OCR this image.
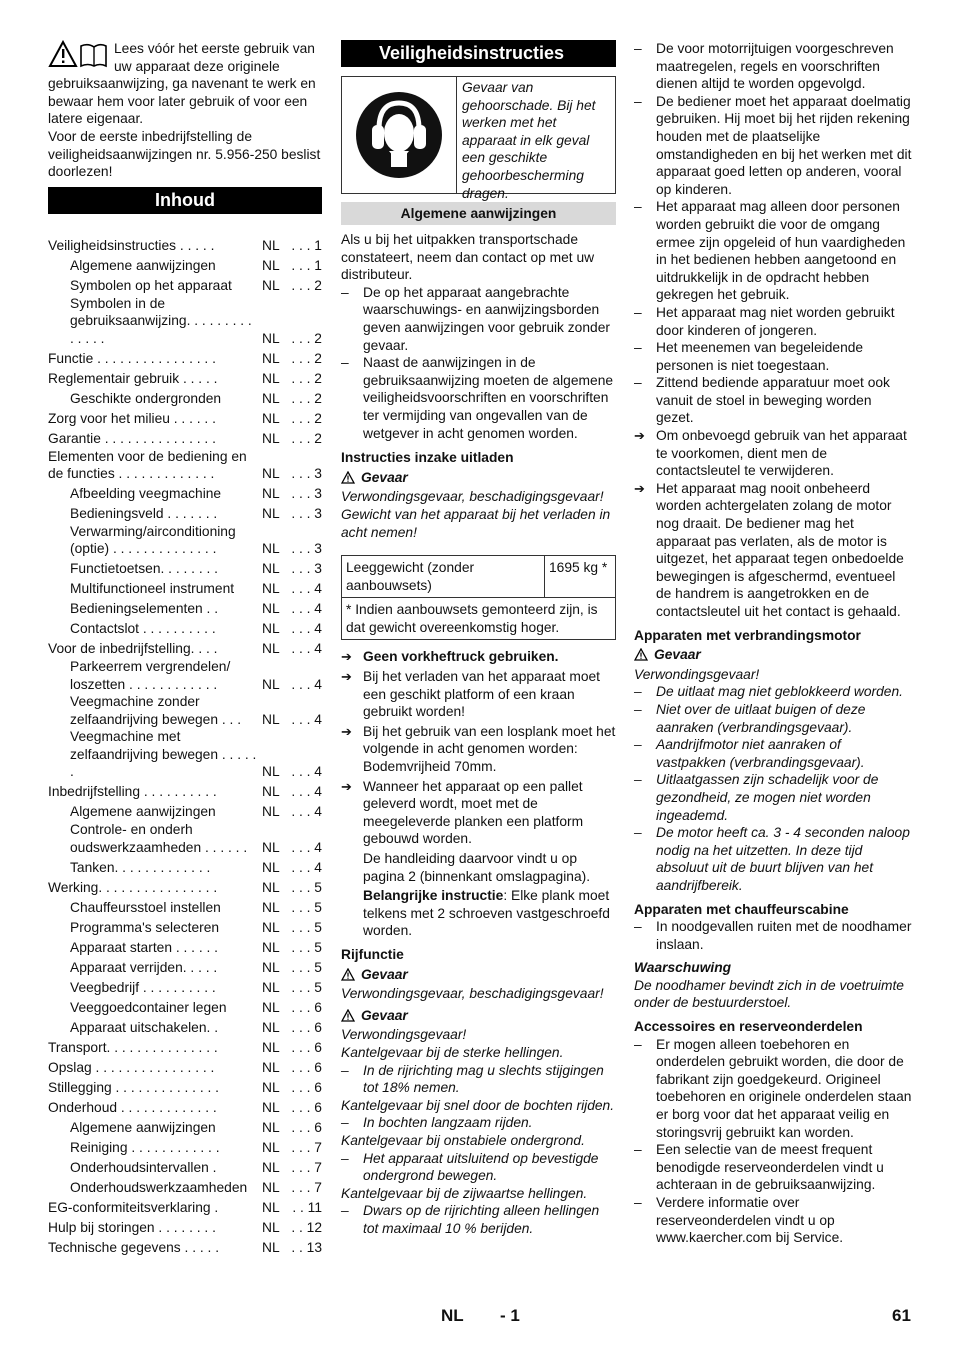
Lees vóór het eerste gebruik van uw apparaat deze originele gebruiksaanwijzing, ga navenant te werk en bewaar hem voor later gebruik of voor een latere eigenaar.

Voor de eerste inbedrijfstelling de veiligheidsaanwijzingen nr. 5.956-250 beslist doorlezen!

Inhoud
Veiligheidsinstructies . . . . .	NL . . . 1
Algemene aanwijzingen	NL . . . 1
Symbolen op het apparaat	NL . . . 2
Symbolen in de gebruiksaanwijzing. . . . . . . . . . . . . .	NL . . . 2
Functie . . . . . . . . . . . . . . . .	NL . . . 2
Reglementair gebruik . . . . .	NL . . . 2
Geschikte ondergronden	NL . . . 2
Zorg voor het milieu . . . . . .	NL . . . 2
Garantie . . . . . . . . . . . . . . .	NL . . . 2
Elementen voor de bediening en de functies . . . . . . . . . . . . .	NL . . . 3
Afbeelding veegmachine	NL . . . 3
Bedieningsveld . . . . . . .	NL . . . 3
Verwarming/airconditioning (optie) . . . . . . . . . . . . . .	NL . . . 3
Functietoetsen. . . . . . . .	NL . . . 3
Multifunctioneel instrument	NL . . . 4
Bedieningselementen . .	NL . . . 4
Contactslot . . . . . . . . . .	NL . . . 4
Voor de inbedrijfstelling. . . .	NL . . . 4
Parkeerrem vergrendelen/ loszetten . . . . . . . . . . . .	NL . . . 4
Veegmachine zonder zelfaandrijving bewegen . . .	NL . . . 4
Veegmachine met zelfaandrijving bewegen . . . . . .	NL . . . 4
Inbedrijfstelling . . . . . . . . . .	NL . . . 4
Algemene aanwijzingen	NL . . . 4
Controle- en onderh oudswerkzaamheden . . . . . .	NL . . . 4
Tanken. . . . . . . . . . . . .	NL . . . 4
Werking. . . . . . . . . . . . . . . .	NL . . . 5
Chauffeursstoel instellen	NL . . . 5
Programma's selecteren	NL . . . 5
Apparaat starten . . . . . .	NL . . . 5
Apparaat verrijden. . . . .	NL . . . 5
Veegbedrijf . . . . . . . . . .	NL . . . 5
Veeggoedcontainer legen	NL . . . 6
Apparaat uitschakelen. .	NL . . . 6
Transport. . . . . . . . . . . . . . .	NL . . . 6
Opslag . . . . . . . . . . . . . . . .	NL . . . 6
Stillegging . . . . . . . . . . . . . .	NL . . . 6
Onderhoud . . . . . . . . . . . . .	NL . . . 6
Algemene aanwijzingen	NL . . . 6
Reiniging . . . . . . . . . . . .	NL . . . 7
Onderhoudsintervallen .	NL . . . 7
Onderhoudswerkzaamheden	NL . . . 7
EG-conformiteitsverklaring .	NL . . 11
Hulp bij storingen . . . . . . . .	NL . . 12
Technische gegevens . . . . .	NL . . 13
Veiligheidsinstructies
Gevaar van gehoorschade. Bij het werken met het apparaat in elk geval een geschikte gehoorbescherming dragen.
Algemene aanwijzingen

Als u bij het uitpakken transportschade constateert, neem dan contact op met uw distributeur.

–	De op het apparaat aangebrachte waarschuwings- en aanwijzingsborden geven aanwijzingen voor gebruik zonder gevaar.
–	Naast de aanwijzingen in de gebruiksaanwijzing moeten de algemene veiligheidsvoorschriften en voorschriften ter vermijding van ongevallen van de wetgever in acht genomen worden.
Instructies inzake uitladen
Gevaar

Verwondingsgevaar, beschadigingsgevaar!

Gewicht van het apparaat bij het verladen in acht nemen!

Leeggewicht (zonder aanbouwsets)
1695 kg *
* Indien aanbouwsets gemonteerd zijn, is dat gewicht overeenkomstig hoger.
➔ Geen vorkheftruck gebruiken.
➔ Bij het verladen van het apparaat moet een geschikt platform of een kraan gebruikt worden!
➔ Bij het gebruik van een losplank moet het volgende in acht genomen worden: Bodemvrijheid 70mm.
➔ Wanneer het apparaat op een pallet geleverd wordt, moet met de meegeleverde planken een platform gebouwd worden.

De handleiding daarvoor vindt u op pagina 2 (binnenkant omslagpagina).

Belangrijke instructie: Elke plank moet telkens met 2 schroeven vastgeschroefd worden.

Rijfunctie
Gevaar

Verwondingsgevaar, beschadigingsgevaar!

Gevaar

Verwondingsgevaar!

Kantelgevaar bij de sterke hellingen.

–	In de rijrichting mag u slechts stijgingen tot 18% nemen.

Kantelgevaar bij snel door de bochten rijden.

–	In bochten langzaam rijden.

Kantelgevaar bij onstabiele ondergrond.

–	Het apparaat uitsluitend op bevestigde ondergrond bewegen.

Kantelgevaar bij de zijwaartse hellingen.

–	Dwars op de rijrichting alleen hellingen tot maximaal 10 % berijden.
–	De voor motorrijtuigen voorgeschreven maatregelen, regels en voorschriften dienen altijd te worden opgevolgd.
–	De bediener moet het apparaat doelmatig gebruiken. Hij moet bij het rijden rekening houden met de plaatselijke omstandigheden en bij het werken met dit apparaat goed letten op anderen, vooral op kinderen.
–	Het apparaat mag alleen door personen worden gebruikt die voor de omgang ermee zijn opgeleid of hun vaardigheden in het bedienen hebben aangetoond en uitdrukkelijk in de opdracht hebben gekregen het gebruik.
–	Het apparaat mag niet worden gebruikt door kinderen of jongeren.
–	Het meenemen van begeleidende personen is niet toegestaan.
–	Zittend bediende apparatuur moet ook vanuit de stoel in beweging worden gezet.
➔ Om onbevoegd gebruik van het apparaat te voorkomen, dient men de contactsleutel te verwijderen.
➔ Het apparaat mag nooit onbeheerd worden achtergelaten zolang de motor nog draait. De bediener mag het apparaat pas verlaten, als de motor is uitgezet, het apparaat tegen onbedoelde bewegingen is afgeschermd, eventueel de handrem is aangetrokken en de contactsleutel uit het contact is gehaald.
Apparaten met verbrandingsmotor
Gevaar

Verwondingsgevaar!

–	De uitlaat mag niet geblokkeerd worden.
–	Niet over de uitlaat buigen of deze aanraken (verbrandingsgevaar).
–	Aandrijfmotor niet aanraken of vastpakken (verbrandingsgevaar).
–	Uitlaatgassen zijn schadelijk voor de gezondheid, ze mogen niet worden ingeademd.
–	De motor heeft ca. 3 - 4 seconden naloop nodig na het uitzetten. In deze tijd absoluut uit de buurt blijven van het aandrijfbereik.
Apparaten met chauffeurscabine
–	In noodgevallen ruiten met de noodhamer inslaan.
Waarschuwing

De noodhamer bevindt zich in de voetruimte onder de bestuurderstoel.

Accessoires en reserveonderdelen
–	Er mogen alleen toebehoren en onderdelen gebruikt worden, die door de fabrikant zijn goedgekeurd. Origineel toebehoren en originele onderdelen staan er borg voor dat het apparaat veilig en storingsvrij gebruikt kan worden.
–	Een selectie van de meest frequent benodigde reserveonderdelen vindt u achteraan in de gebruiksaanwijzing.
–	Verdere informatie over reserveonderdelen vindt u op www.kaercher.com bij Service.
NL - 1	61
